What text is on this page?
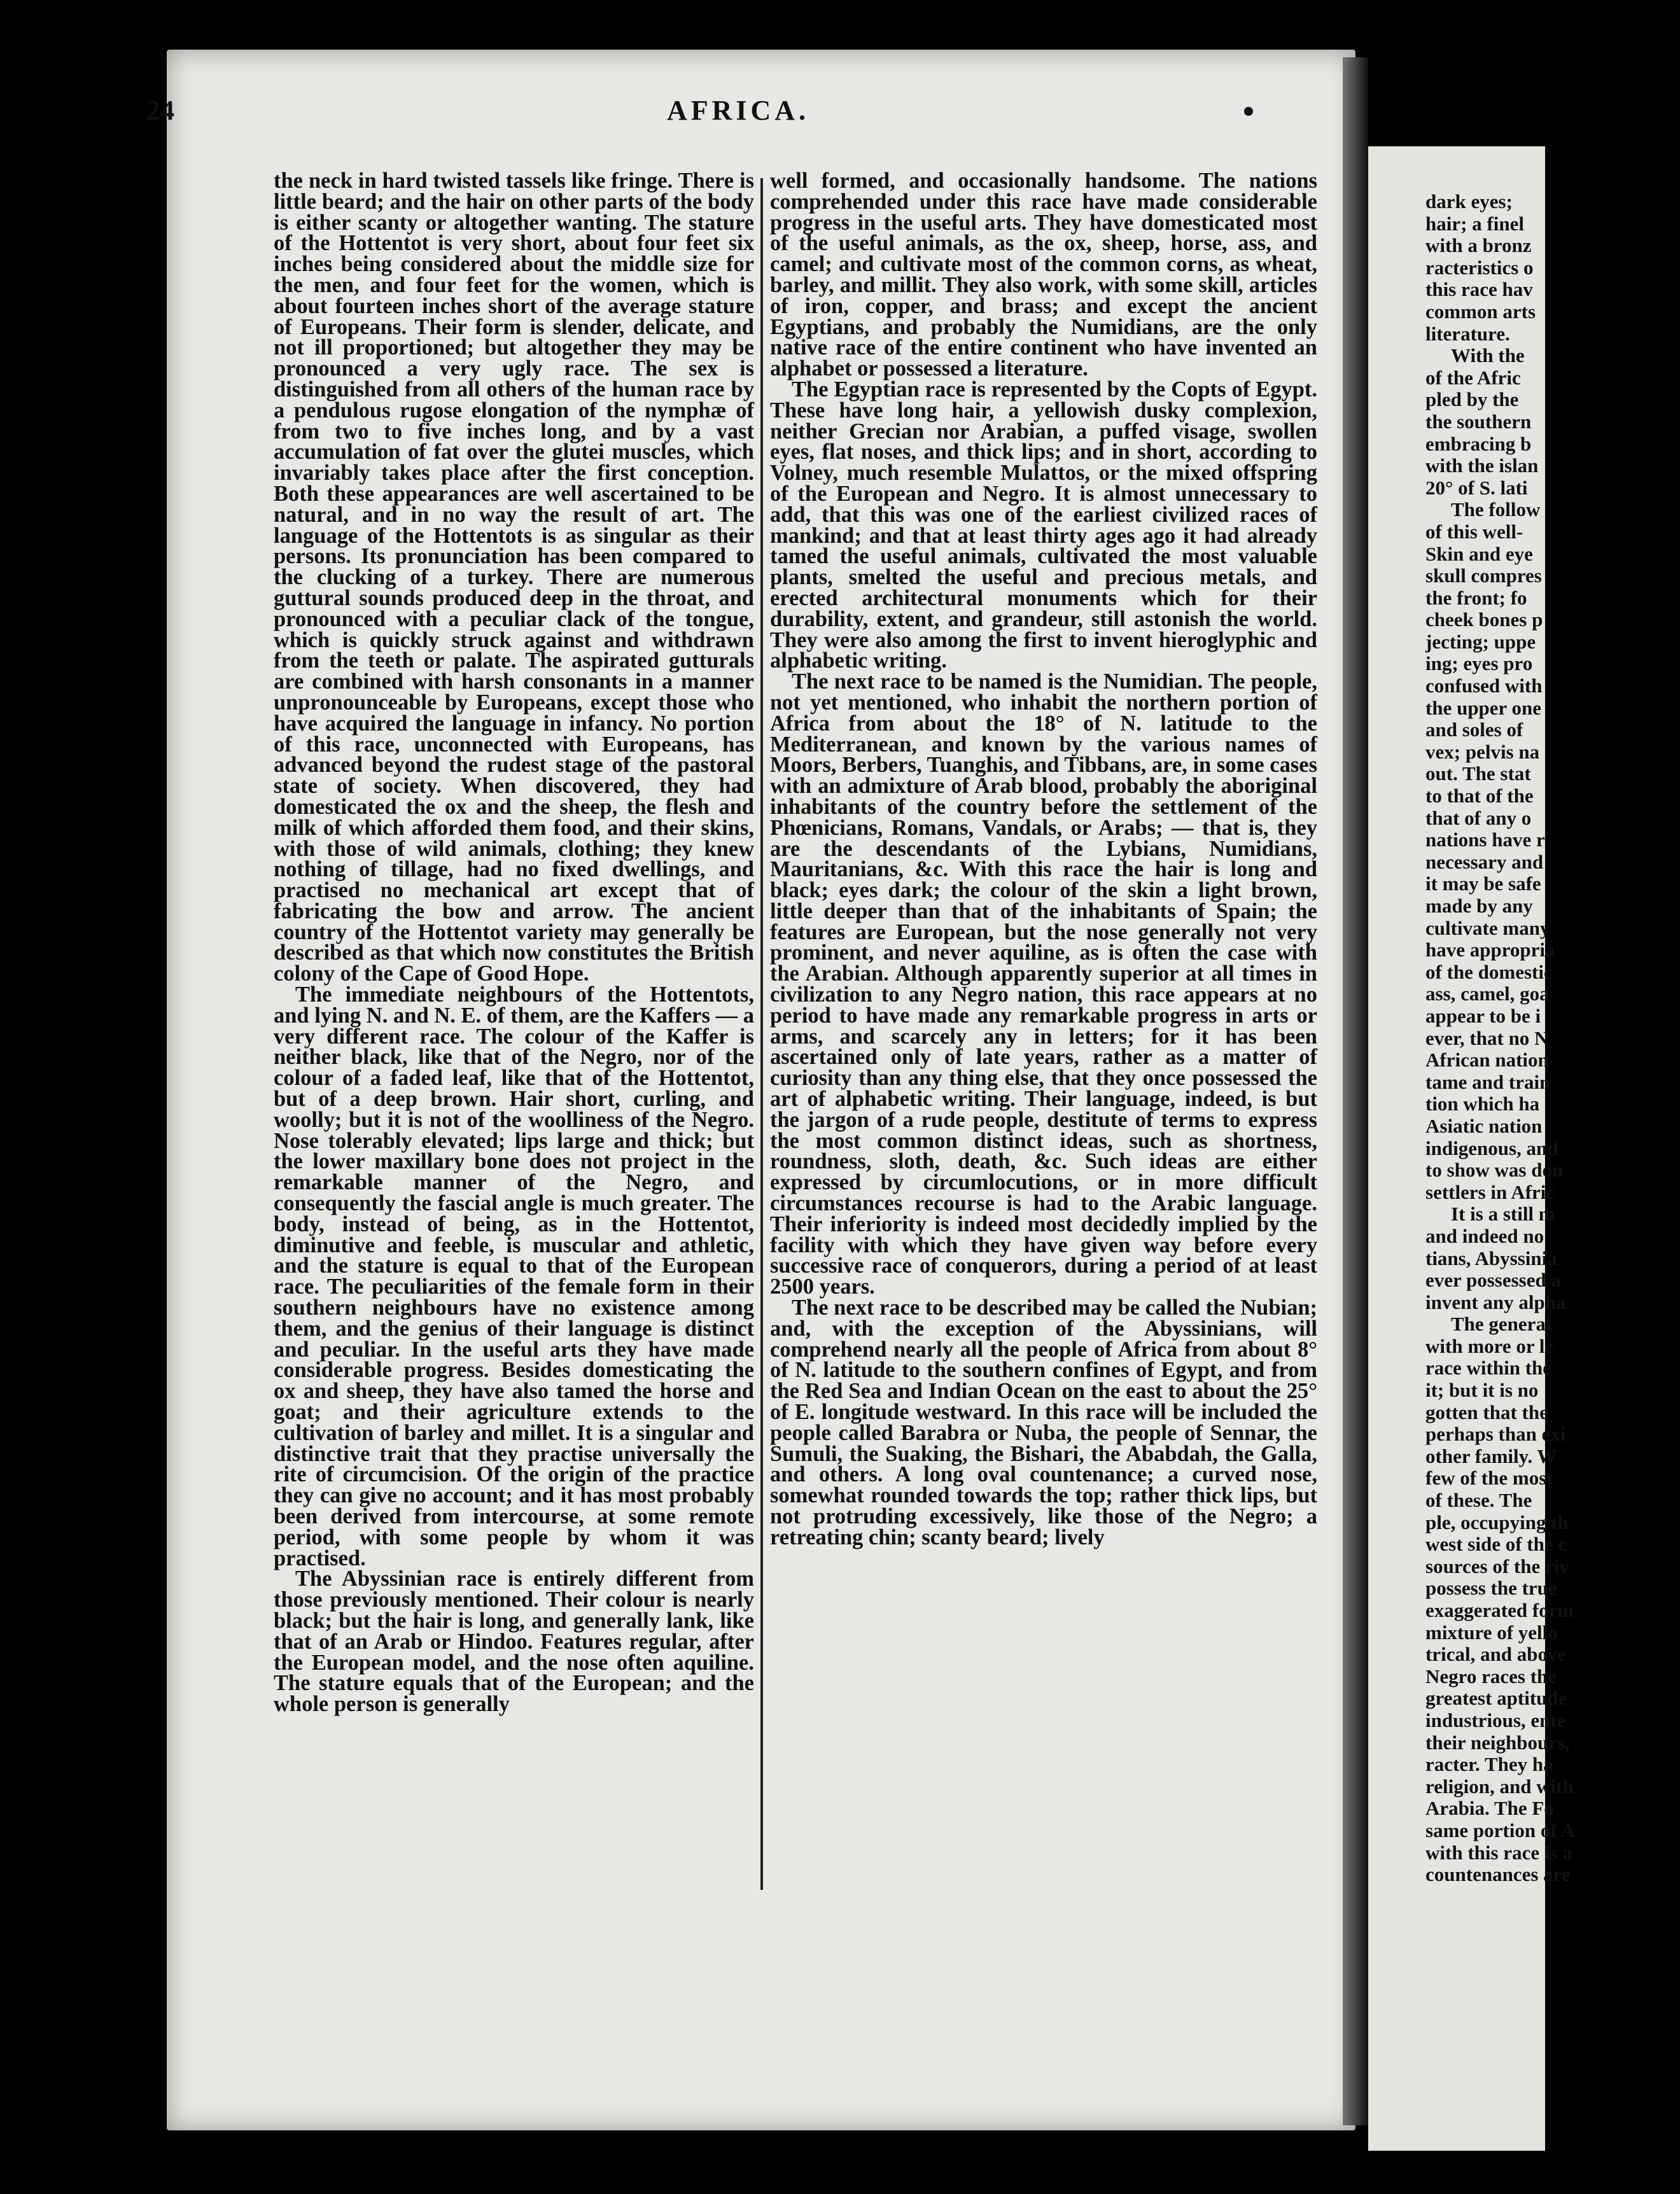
24	AFRICA.

the neck in hard twisted tassels like fringe. There is little beard; and the hair on other parts of the body is either scanty or altogether wanting. The stature of the Hottentot is very short, about four feet six inches being considered about the middle size for the men, and four feet for the women, which is about fourteen inches short of the average stature of Europeans. Their form is slender, delicate, and not ill proportioned; but altogether they may be pronounced a very ugly race. The sex is distinguished from all others of the human race by a pendulous rugose elongation of the nymphæ of from two to five inches long, and by a vast accumulation of fat over the glutei muscles, which invariably takes place after the first conception. Both these appearances are well ascertained to be natural, and in no way the result of art. The language of the Hottentots is as singular as their persons. Its pronunciation has been compared to the clucking of a turkey. There are numerous guttural sounds produced deep in the throat, and pronounced with a peculiar clack of the tongue, which is quickly struck against and withdrawn from the teeth or palate. The aspirated gutturals are combined with harsh consonants in a manner unpronounceable by Europeans, except those who have acquired the language in infancy. No portion of this race, unconnected with Europeans, has advanced beyond the rudest stage of the pastoral state of society. When discovered, they had domesticated the ox and the sheep, the flesh and milk of which afforded them food, and their skins, with those of wild animals, clothing; they knew nothing of tillage, had no fixed dwellings, and practised no mechanical art except that of fabricating the bow and arrow. The ancient country of the Hottentot variety may generally be described as that which now constitutes the British colony of the Cape of Good Hope.

The immediate neighbours of the Hottentots, and lying N. and N. E. of them, are the Kaffers — a very different race. The colour of the Kaffer is neither black, like that of the Negro, nor of the colour of a faded leaf, like that of the Hottentot, but of a deep brown. Hair short, curling, and woolly; but it is not of the woolliness of the Negro. Nose tolerably elevated; lips large and thick; but the lower maxillary bone does not project in the remarkable manner of the Negro, and consequently the fascial angle is much greater. The body, instead of being, as in the Hottentot, diminutive and feeble, is muscular and athletic, and the stature is equal to that of the European race. The peculiarities of the female form in their southern neighbours have no existence among them, and the genius of their language is distinct and peculiar. In the useful arts they have made considerable progress. Besides domesticating the ox and sheep, they have also tamed the horse and goat; and their agriculture extends to the cultivation of barley and millet. It is a singular and distinctive trait that they practise universally the rite of circumcision. Of the origin of the practice they can give no account; and it has most probably been derived from intercourse, at some remote period, with some people by whom it was practised.

The Abyssinian race is entirely different from those previously mentioned. Their colour is nearly black; but the hair is long, and generally lank, like that of an Arab or Hindoo. Features regular, after the European model, and the nose often aquiline. The stature equals that of the European; and the whole person is generally

well formed, and occasionally handsome. The nations comprehended under this race have made considerable progress in the useful arts. They have domesticated most of the useful animals, as the ox, sheep, horse, ass, and camel; and cultivate most of the common corns, as wheat, barley, and millit. They also work, with some skill, articles of iron, copper, and brass; and except the ancient Egyptians, and probably the Numidians, are the only native race of the entire continent who have invented an alphabet or possessed a literature.

The Egyptian race is represented by the Copts of Egypt. These have long hair, a yellowish dusky complexion, neither Grecian nor Arabian, a puffed visage, swollen eyes, flat noses, and thick lips; and in short, according to Volney, much resemble Mulattos, or the mixed offspring of the European and Negro. It is almost unnecessary to add, that this was one of the earliest civilized races of mankind; and that at least thirty ages ago it had already tamed the useful animals, cultivated the most valuable plants, smelted the useful and precious metals, and erected architectural monuments which for their durability, extent, and grandeur, still astonish the world. They were also among the first to invent hieroglyphic and alphabetic writing.

The next race to be named is the Numidian. The people, not yet mentioned, who inhabit the northern portion of Africa from about the 18° of N. latitude to the Mediterranean, and known by the various names of Moors, Berbers, Tuanghis, and Tibbans, are, in some cases with an admixture of Arab blood, probably the aboriginal inhabitants of the country before the settlement of the Phœnicians, Romans, Vandals, or Arabs; — that is, they are the descendants of the Lybians, Numidians, Mauritanians, &c. With this race the hair is long and black; eyes dark; the colour of the skin a light brown, little deeper than that of the inhabitants of Spain; the features are European, but the nose generally not very prominent, and never aquiline, as is often the case with the Arabian. Although apparently superior at all times in civilization to any Negro nation, this race appears at no period to have made any remarkable progress in arts or arms, and scarcely any in letters; for it has been ascertained only of late years, rather as a matter of curiosity than any thing else, that they once possessed the art of alphabetic writing. Their language, indeed, is but the jargon of a rude people, destitute of terms to express the most common distinct ideas, such as shortness, roundness, sloth, death, &c. Such ideas are either expressed by circumlocutions, or in more difficult circumstances recourse is had to the Arabic language. Their inferiority is indeed most decidedly implied by the facility with which they have given way before every successive race of conquerors, during a period of at least 2500 years.

The next race to be described may be called the Nubian; and, with the exception of the Abyssinians, will comprehend nearly all the people of Africa from about 8° of N. latitude to the southern confines of Egypt, and from the Red Sea and Indian Ocean on the east to about the 25° of E. longitude westward. In this race will be included the people called Barabra or Nuba, the people of Sennar, the Sumuli, the Suaking, the Bishari, the Ababdah, the Galla, and others. A long oval countenance; a curved nose, somewhat rounded towards the top; rather thick lips, but not protruding excessively, like those of the Negro; a retreating chin; scanty beard; lively

dark eyes;
hair; a finel
with a bronz
racteristics o
this race hav
common arts
literature.
With the
of the Afric
pled by the
the southern
embracing b
with the islan
20° of S. lati
The follow
of this well-
Skin and eye
skull compres
the front; fo
cheek bones p
jecting; uppe
ing; eyes pro
confused with
the upper one
and soles of
vex; pelvis na
out. The stat
to that of the
that of any o
nations have r
necessary and
it may be safe
made by any
cultivate many
have appropria
of the domestic
ass, camel, goa
appear to be i
ever, that no N
African nation
tame and train
tion which ha
Asiatic nation
indigenous, and
to show was don
settlers in Afric
It is a still m
and indeed no
tians, Abyssinia
ever possessed a
invent any alpha
The general
with more or le
race within the
it; but it is no
gotten that the
perhaps than exi
other family. W
few of the most
of these. The
ple, occupying th
west side of the c
sources of the riv
possess the true
exaggerated form
mixture of yello
trical, and above
Negro races the
greatest aptitude
industrious, ente
their neighbours,
racter. They ha
religion, and with
Arabia. The Fo
same portion of A
with this race is a
countenances are
